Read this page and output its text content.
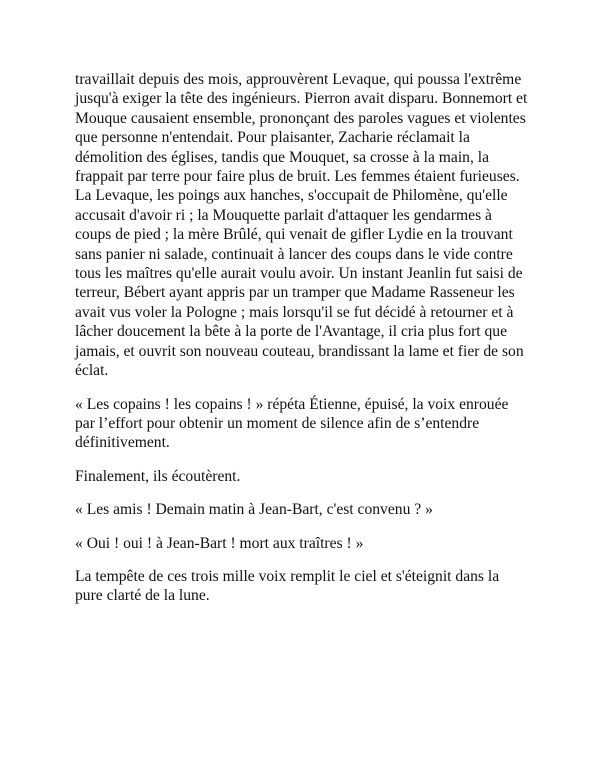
travaillait depuis des mois, approuvèrent Levaque, qui poussa l'extrême jusqu'à exiger la tête des ingénieurs. Pierron avait disparu. Bonnemort et Mouque causaient ensemble, prononçant des paroles vagues et violentes que personne n'entendait. Pour plaisanter, Zacharie réclamait la démolition des églises, tandis que Mouquet, sa crosse à la main, la frappait par terre pour faire plus de bruit. Les femmes étaient furieuses. La Levaque, les poings aux hanches, s'occupait de Philomène, qu'elle accusait d'avoir ri ; la Mouquette parlait d'attaquer les gendarmes à coups de pied ; la mère Brûlé, qui venait de gifler Lydie en la trouvant sans panier ni salade, continuait à lancer des coups dans le vide contre tous les maîtres qu'elle aurait voulu avoir. Un instant Jeanlin fut saisi de terreur, Bébert ayant appris par un tramper que Madame Rasseneur les avait vus voler la Pologne ; mais lorsqu'il se fut décidé à retourner et à lâcher doucement la bête à la porte de l'Avantage, il cria plus fort que jamais, et ouvrit son nouveau couteau, brandissant la lame et fier de son éclat.

« Les copains ! les copains ! » répéta Étienne, épuisé, la voix enrouée par l’effort pour obtenir un moment de silence afin de s’entendre définitivement.

Finalement, ils écoutèrent.

« Les amis ! Demain matin à Jean-Bart, c'est convenu ? »

« Oui ! oui ! à Jean-Bart ! mort aux traîtres ! »

La tempête de ces trois mille voix remplit le ciel et s'éteignit dans la pure clarté de la lune.
